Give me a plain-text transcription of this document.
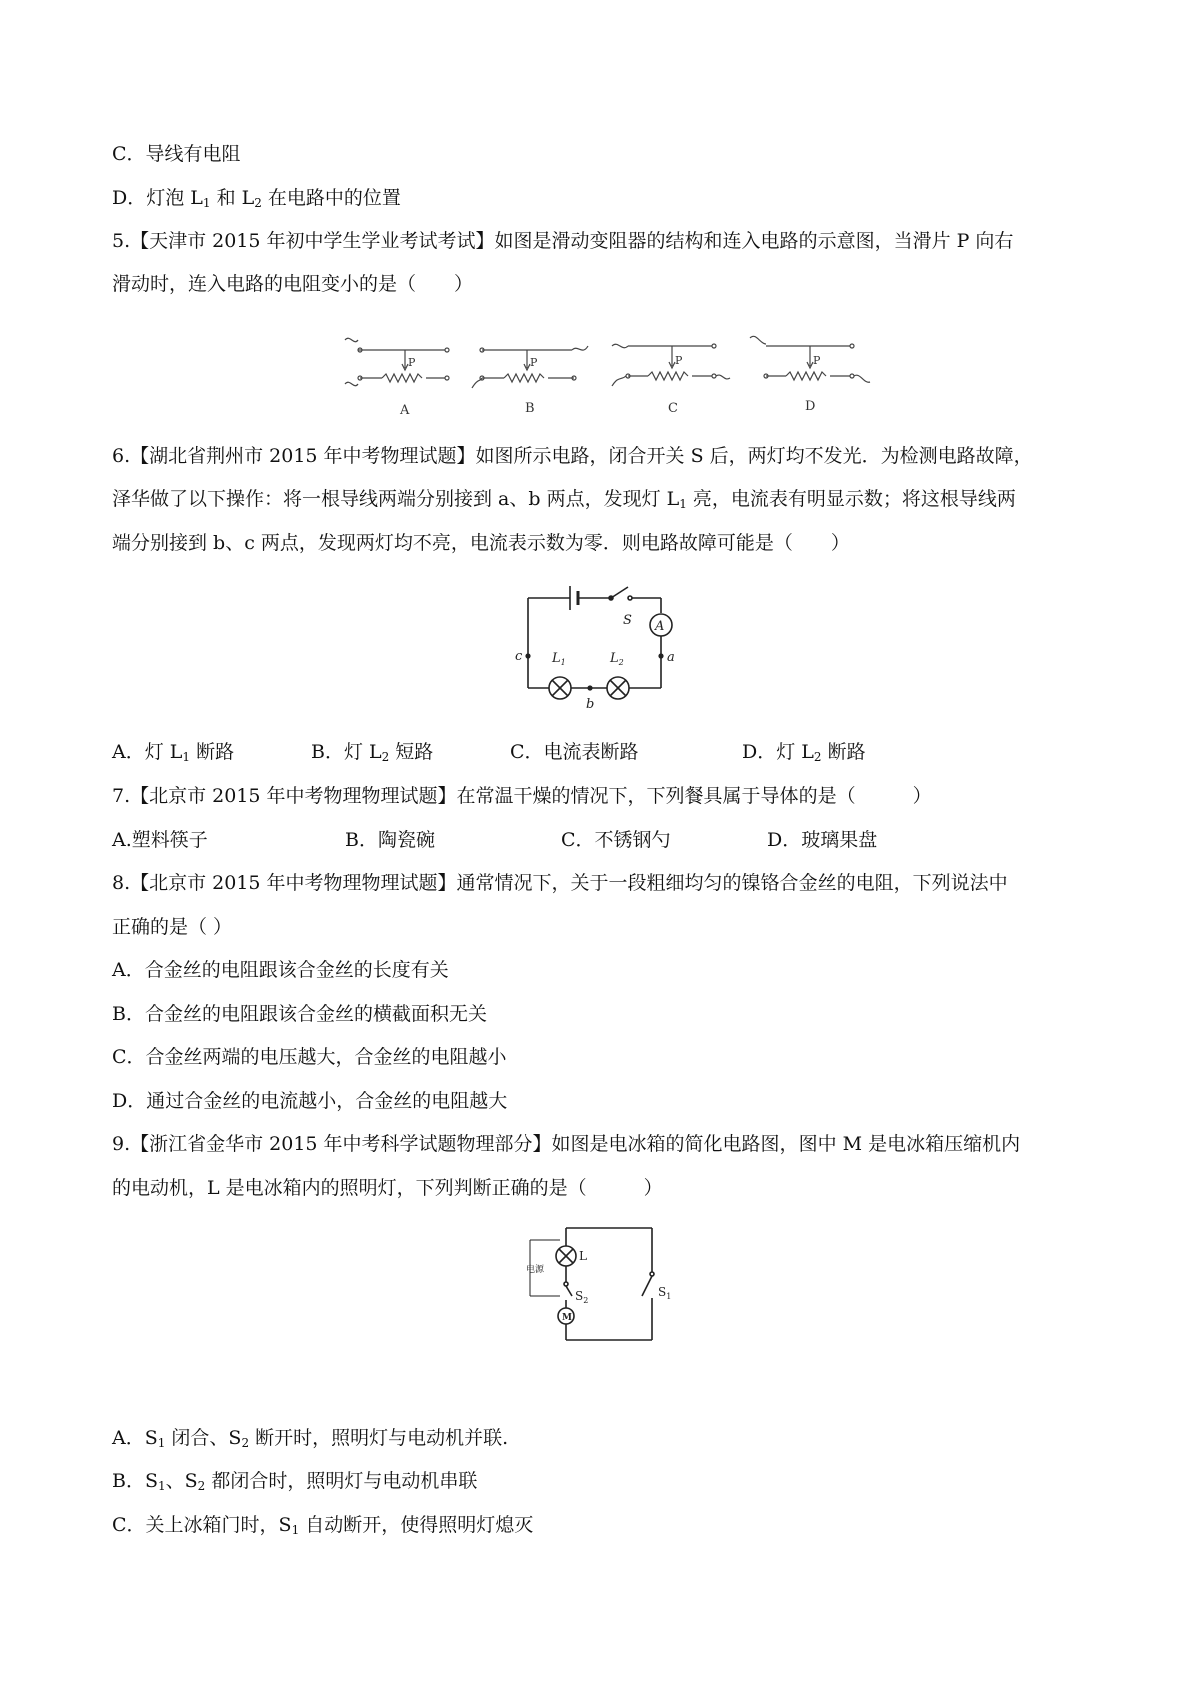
C．导线有电阻
D．灯泡 $L_1$ 和 $L_2$ 在电路中的位置
5.【天津市 2015 年初中学生学业考试考试】如图是滑动变阻器的结构和连入电路的示意图，当滑片 P 向右
滑动时，连入电路的电阻变小的是（　　）
P	P	P	P
A	B	C	D
6.【湖北省荆州市 2015 年中考物理试题】如图所示电路，闭合开关 S 后，两灯均不发光．为检测电路故障，
泽华做了以下操作：将一根导线两端分别接到 a、b 两点，发现灯 $L_1$ 亮，电流表有明显示数；将这根导线两
端分别接到 b、c 两点，发现两灯均不亮，电流表示数为零．则电路故障可能是（　　）
A
S
$L_1$	$L_2$	a
b
c
A．灯 $L_1$ 断路	B．灯 $L_2$ 短路	C．电流表断路	D．灯 $L_2$ 断路
7.【北京市 2015 年中考物理物理试题】在常温干燥的情况下，下列餐具属于导体的是（　　　）
A.塑料筷子	B．陶瓷碗	C．不锈钢勺	D．玻璃果盘
8.【北京市 2015 年中考物理物理试题】通常情况下，关于一段粗细均匀的镍铬合金丝的电阻，下列说法中
正确的是（ ）
A．合金丝的电阻跟该合金丝的长度有关
B．合金丝的电阻跟该合金丝的横截面积无关
C．合金丝两端的电压越大，合金丝的电阻越小
D．通过合金丝的电流越小，合金丝的电阻越大
9.【浙江省金华市 2015 年中考科学试题物理部分】如图是电冰箱的简化电路图，图中 M 是电冰箱压缩机内
的电动机，L 是电冰箱内的照明灯，下列判断正确的是（　　　）
L
M
电源
$S_2$
$S_1$
A．$S_1$ 闭合、$S_2$ 断开时，照明灯与电动机并联.
B．$S_1$、$S_2$ 都闭合时，照明灯与电动机串联
C．关上冰箱门时，$S_1$ 自动断开，使得照明灯熄灭
